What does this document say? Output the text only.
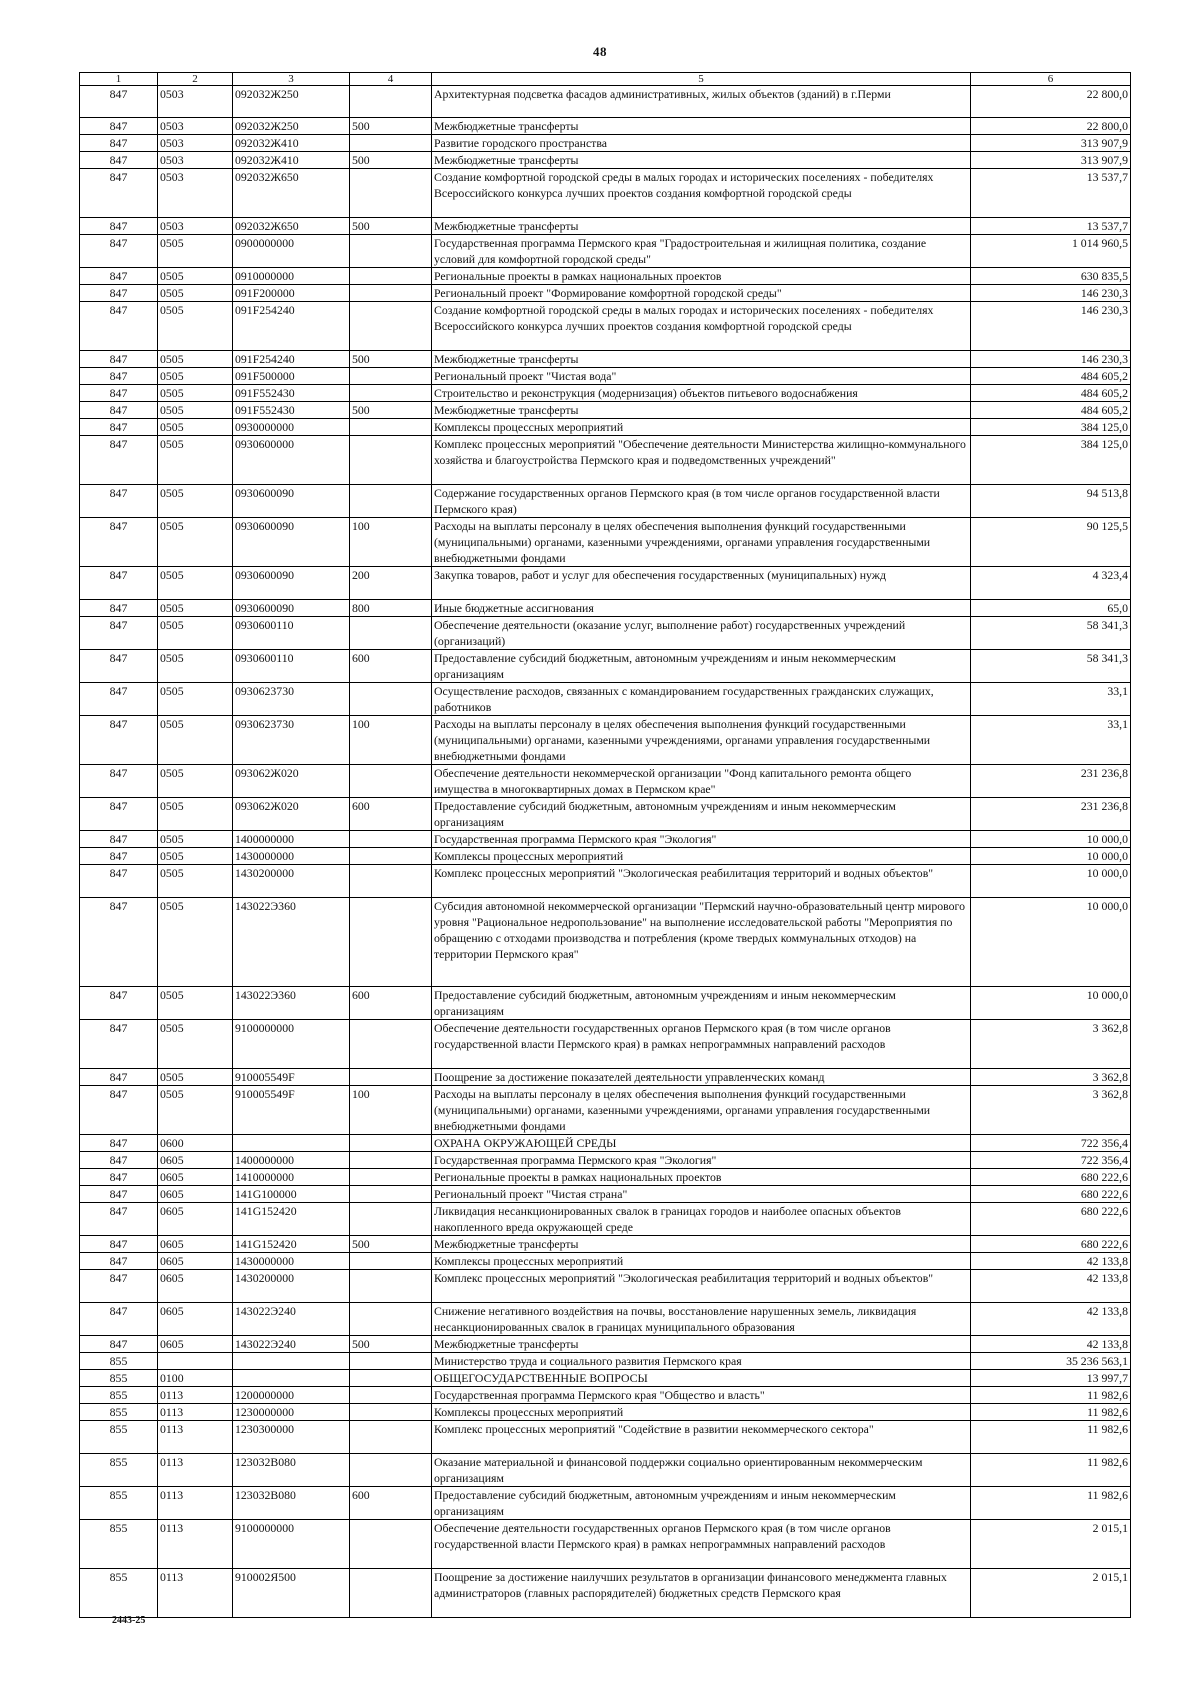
48
1	2	3	4	5	6
847	0503	092032Ж250		Архитектурная подсветка фасадов административных, жилых объектов (зданий) в г.Перми	22 800,0
847	0503	092032Ж250	500	Межбюджетные трансферты	22 800,0
847	0503	092032Ж410		Развитие городского пространства	313 907,9
847	0503	092032Ж410	500	Межбюджетные трансферты	313 907,9
847	0503	092032Ж650		Создание комфортной городской среды в малых городах и исторических поселениях - победителях Всероссийского конкурса лучших проектов создания комфортной городской среды	13 537,7
847	0503	092032Ж650	500	Межбюджетные трансферты	13 537,7
847	0505	0900000000		Государственная программа Пермского края "Градостроительная и жилищная политика, создание условий для комфортной городской среды"	1 014 960,5
847	0505	0910000000		Региональные проекты в рамках национальных проектов	630 835,5
847	0505	091F200000		Региональный проект "Формирование комфортной городской среды"	146 230,3
847	0505	091F254240		Создание комфортной городской среды в малых городах и исторических поселениях - победителях Всероссийского конкурса лучших проектов создания комфортной городской среды	146 230,3
847	0505	091F254240	500	Межбюджетные трансферты	146 230,3
847	0505	091F500000		Региональный проект "Чистая вода"	484 605,2
847	0505	091F552430		Строительство и реконструкция (модернизация) объектов питьевого водоснабжения	484 605,2
847	0505	091F552430	500	Межбюджетные трансферты	484 605,2
847	0505	0930000000		Комплексы процессных мероприятий	384 125,0
847	0505	0930600000		Комплекс процессных мероприятий "Обеспечение деятельности Министерства жилищно-коммунального хозяйства и благоустройства Пермского края и подведомственных учреждений"	384 125,0
847	0505	0930600090		Содержание государственных органов Пермского края (в том числе органов государственной власти Пермского края)	94 513,8
847	0505	0930600090	100	Расходы на выплаты персоналу в целях обеспечения выполнения функций государственными (муниципальными) органами, казенными учреждениями, органами управления государственными внебюджетными фондами	90 125,5
847	0505	0930600090	200	Закупка товаров, работ и услуг для обеспечения государственных (муниципальных) нужд	4 323,4
847	0505	0930600090	800	Иные бюджетные ассигнования	65,0
847	0505	0930600110		Обеспечение деятельности (оказание услуг, выполнение работ) государственных учреждений (организаций)	58 341,3
847	0505	0930600110	600	Предоставление субсидий бюджетным, автономным учреждениям и иным некоммерческим организациям	58 341,3
847	0505	0930623730		Осуществление расходов, связанных с командированием государственных гражданских служащих, работников	33,1
847	0505	0930623730	100	Расходы на выплаты персоналу в целях обеспечения выполнения функций государственными (муниципальными) органами, казенными учреждениями, органами управления государственными внебюджетными фондами	33,1
847	0505	093062Ж020		Обеспечение деятельности некоммерческой организации "Фонд капитального ремонта общего имущества в многоквартирных домах в Пермском крае"	231 236,8
847	0505	093062Ж020	600	Предоставление субсидий бюджетным, автономным учреждениям и иным некоммерческим организациям	231 236,8
847	0505	1400000000		Государственная программа Пермского края "Экология"	10 000,0
847	0505	1430000000		Комплексы процессных мероприятий	10 000,0
847	0505	1430200000		Комплекс процессных мероприятий "Экологическая реабилитация территорий и водных объектов"	10 000,0
847	0505	143022Э360		Субсидия автономной некоммерческой организации "Пермский научно-образовательный центр мирового уровня "Рациональное недропользование" на выполнение исследовательской работы "Мероприятия по обращению с отходами производства и потребления (кроме твердых коммунальных отходов) на территории Пермского края"	10 000,0
847	0505	143022Э360	600	Предоставление субсидий бюджетным, автономным учреждениям и иным некоммерческим организациям	10 000,0
847	0505	9100000000		Обеспечение деятельности государственных органов Пермского края (в том числе органов государственной власти Пермского края) в рамках непрограммных направлений расходов	3 362,8
847	0505	910005549F		Поощрение за достижение показателей деятельности управленческих команд	3 362,8
847	0505	910005549F	100	Расходы на выплаты персоналу в целях обеспечения выполнения функций государственными (муниципальными) органами, казенными учреждениями, органами управления государственными внебюджетными фондами	3 362,8
847	0600			ОХРАНА ОКРУЖАЮЩЕЙ СРЕДЫ	722 356,4
847	0605	1400000000		Государственная программа Пермского края "Экология"	722 356,4
847	0605	1410000000		Региональные проекты в рамках национальных проектов	680 222,6
847	0605	141G100000		Региональный проект "Чистая страна"	680 222,6
847	0605	141G152420		Ликвидация несанкционированных свалок в границах городов и наиболее опасных объектов накопленного вреда окружающей среде	680 222,6
847	0605	141G152420	500	Межбюджетные трансферты	680 222,6
847	0605	1430000000		Комплексы процессных мероприятий	42 133,8
847	0605	1430200000		Комплекс процессных мероприятий "Экологическая реабилитация территорий и водных объектов"	42 133,8
847	0605	143022Э240		Снижение негативного воздействия на почвы, восстановление нарушенных земель, ликвидация несанкционированных свалок в границах муниципального образования	42 133,8
847	0605	143022Э240	500	Межбюджетные трансферты	42 133,8
855				Министерство труда и социального развития Пермского края	35 236 563,1
855	0100			ОБЩЕГОСУДАРСТВЕННЫЕ ВОПРОСЫ	13 997,7
855	0113	1200000000		Государственная программа Пермского края "Общество и власть"	11 982,6
855	0113	1230000000		Комплексы процессных мероприятий	11 982,6
855	0113	1230300000		Комплекс процессных мероприятий "Содействие в развитии некоммерческого сектора"	11 982,6
855	0113	123032В080		Оказание материальной и финансовой поддержки социально ориентированным некоммерческим организациям	11 982,6
855	0113	123032В080	600	Предоставление субсидий бюджетным, автономным учреждениям и иным некоммерческим организациям	11 982,6
855	0113	9100000000		Обеспечение деятельности государственных органов Пермского края (в том числе органов государственной власти Пермского края) в рамках непрограммных направлений расходов	2 015,1
855	0113	910002Я500		Поощрение за достижение наилучших результатов в организации финансового менеджмента главных администраторов (главных распорядителей) бюджетных средств Пермского края	2 015,1
2443-25
